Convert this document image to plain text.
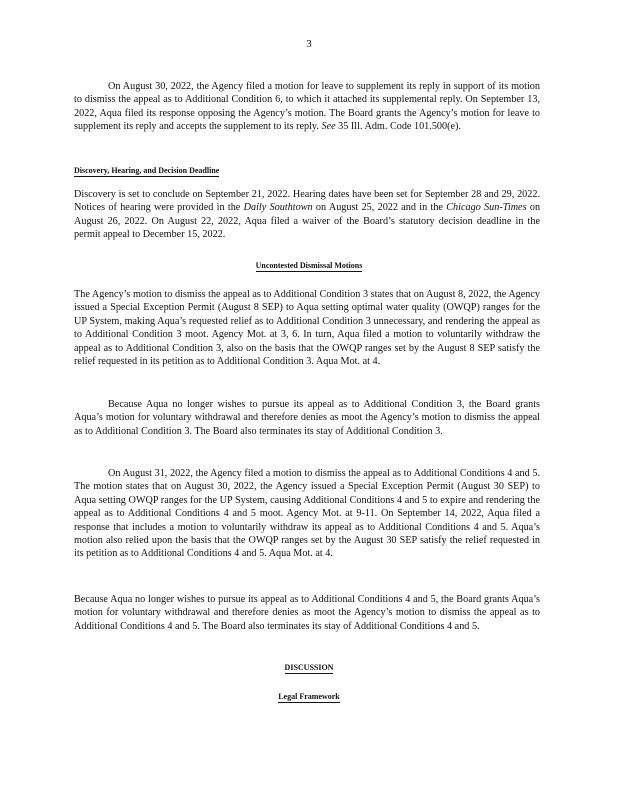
3

On August 30, 2022, the Agency filed a motion for leave to supplement its reply in support of its motion to dismiss the appeal as to Additional Condition 6, to which it attached its supplemental reply. On September 13, 2022, Aqua filed its response opposing the Agency’s motion. The Board grants the Agency’s motion for leave to supplement its reply and accepts the supplement to its reply. See 35 Ill. Adm. Code 101.500(e).

Discovery, Hearing, and Decision Deadline

Discovery is set to conclude on September 21, 2022. Hearing dates have been set for September 28 and 29, 2022. Notices of hearing were provided in the Daily Southtown on August 25, 2022 and in the Chicago Sun-Times on August 26, 2022. On August 22, 2022, Aqua filed a waiver of the Board’s statutory decision deadline in the permit appeal to December 15, 2022.

Uncontested Dismissal Motions

The Agency’s motion to dismiss the appeal as to Additional Condition 3 states that on August 8, 2022, the Agency issued a Special Exception Permit (August 8 SEP) to Aqua setting optimal water quality (OWQP) ranges for the UP System, making Aqua’s requested relief as to Additional Condition 3 unnecessary, and rendering the appeal as to Additional Condition 3 moot. Agency Mot. at 3, 6. In turn, Aqua filed a motion to voluntarily withdraw the appeal as to Additional Condition 3, also on the basis that the OWQP ranges set by the August 8 SEP satisfy the relief requested in its petition as to Additional Condition 3. Aqua Mot. at 4.

Because Aqua no longer wishes to pursue its appeal as to Additional Condition 3, the Board grants Aqua’s motion for voluntary withdrawal and therefore denies as moot the Agency’s motion to dismiss the appeal as to Additional Condition 3. The Board also terminates its stay of Additional Condition 3.

On August 31, 2022, the Agency filed a motion to dismiss the appeal as to Additional Conditions 4 and 5. The motion states that on August 30, 2022, the Agency issued a Special Exception Permit (August 30 SEP) to Aqua setting OWQP ranges for the UP System, causing Additional Conditions 4 and 5 to expire and rendering the appeal as to Additional Conditions 4 and 5 moot. Agency Mot. at 9-11. On September 14, 2022, Aqua filed a response that includes a motion to voluntarily withdraw its appeal as to Additional Conditions 4 and 5. Aqua’s motion also relied upon the basis that the OWQP ranges set by the August 30 SEP satisfy the relief requested in its petition as to Additional Conditions 4 and 5. Aqua Mot. at 4.

Because Aqua no longer wishes to pursue its appeal as to Additional Conditions 4 and 5, the Board grants Aqua’s motion for voluntary withdrawal and therefore denies as moot the Agency’s motion to dismiss the appeal as to Additional Conditions 4 and 5. The Board also terminates its stay of Additional Conditions 4 and 5.

DISCUSSION
Legal Framework
